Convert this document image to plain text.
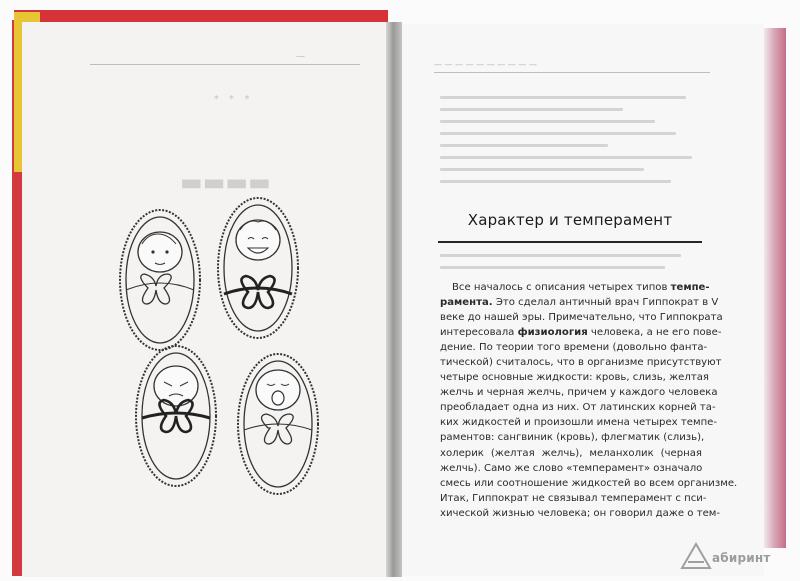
—
* * *
▬▬▬▬
— — — — — — — — — —
Характер и темперамент
Все началось с описания четырех типов темпе-
рамента. Это сделал античный врач Гиппократ в V
веке до нашей эры. Примечательно, что Гиппократа
интересовала физиология человека, а не его пове-
дение. По теории того времени (довольно фанта-
тической) считалось, что в организме присутствуют
четыре основные жидкости: кровь, слизь, желтая
желчь и черная желчь, причем у каждого человека
преобладает одна из них. От латинских корней та-
ких жидкостей и произошли имена четырех темпе-
раментов: сангвиник (кровь), флегматик (слизь),
холерик (желтая желчь), меланхолик (черная
желчь). Само же слово «темперамент» означало
смесь или соотношение жидкостей во всем организме.
Итак, Гиппократ не связывал темперамент с пси-
хической жизнью человека; он говорил даже о тем-
абиринт
